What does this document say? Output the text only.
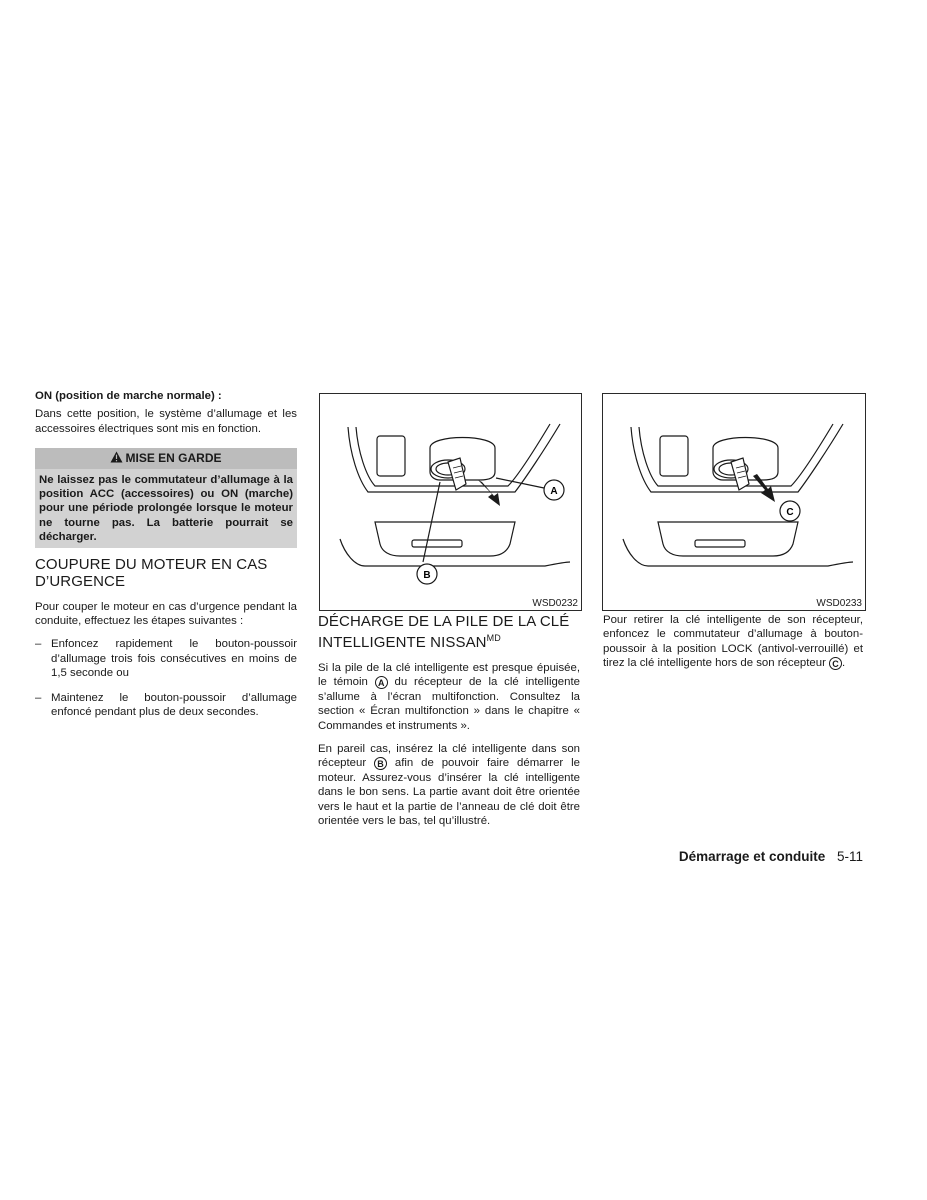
ON (position de marche normale) :

Dans cette position, le système d’allumage et les accessoires électriques sont mis en fonction.

MISE EN GARDE
Ne laissez pas le commutateur d’allumage à la position ACC (accessoires) ou ON (marche) pour une période prolongée lorsque le moteur ne tourne pas. La batterie pourrait se décharger.
COUPURE DU MOTEUR EN CAS D’URGENCE

Pour couper le moteur en cas d’urgence pendant la conduite, effectuez les étapes suivantes :

– Enfoncez rapidement le bouton-poussoir d’allumage trois fois consécutives en moins de 1,5 seconde ou
– Maintenez le bouton-poussoir d’allumage enfoncé pendant plus de deux secondes.
A
B
WSD0232
C
WSD0233
DÉCHARGE DE LA PILE DE LA CLÉ INTELLIGENTE $NISSAN^{MD}$

Si la pile de la clé intelligente est presque épuisée, le témoin A du récepteur de la clé intelligente s’allume à l’écran multifonction. Consultez la section « Écran multifonction » dans le chapitre « Commandes et instruments ».

En pareil cas, insérez la clé intelligente dans son récepteur B afin de pouvoir faire démarrer le moteur. Assurez-vous d’insérer la clé intelligente dans le bon sens. La partie avant doit être orientée vers le haut et la partie de l’anneau de clé doit être orientée vers le bas, tel qu’illustré.

Pour retirer la clé intelligente de son récepteur, enfoncez le commutateur d’allumage à bouton-poussoir à la position LOCK (antivol-verrouillé) et tirez la clé intelligente hors de son récepteur C .

Démarrage et conduite 5-11
